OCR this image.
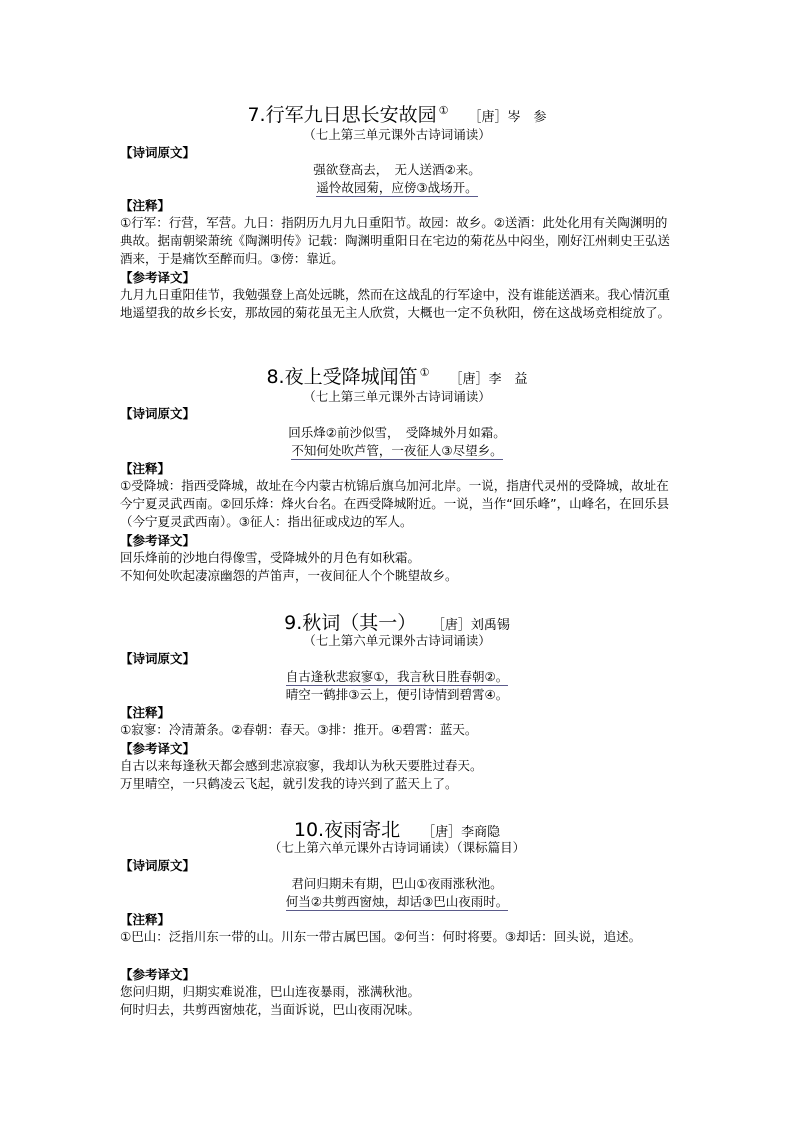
7.行军九日思长安故园 ① ［唐］岑　参
（七上第三单元课外古诗词诵读）
【诗词原文】
强欲登高去，　无人送酒②来。
遥怜故园菊，应傍③战场开。
【注释】

①行军：行营，军营。九日：指阴历九月九日重阳节。故园：故乡。②送酒：此处化用有关陶渊明的典故。据南朝梁萧统《陶渊明传》记载：陶渊明重阳日在宅边的菊花丛中闷坐，刚好江州刺史王弘送酒来，于是痛饮至醉而归。③傍：靠近。

【参考译文】

九月九日重阳佳节，我勉强登上高处远眺，然而在这战乱的行军途中，没有谁能送酒来。我心情沉重地遥望我的故乡长安，那故园的菊花虽无主人欣赏，大概也一定不负秋阳，傍在这战场竞相绽放了。

8.夜上受降城闻笛 ① ［唐］李　益
（七上第三单元课外古诗词诵读）
【诗词原文】
回乐烽②前沙似雪，　受降城外月如霜。
不知何处吹芦管，一夜征人③尽望乡。
【注释】

①受降城：指西受降城，故址在今内蒙古杭锦后旗乌加河北岸。一说，指唐代灵州的受降城，故址在今宁夏灵武西南。②回乐烽：烽火台名。在西受降城附近。一说，当作“回乐峰”，山峰名，在回乐县（今宁夏灵武西南）。③征人：指出征或戍边的军人。

【参考译文】

回乐烽前的沙地白得像雪，受降城外的月色有如秋霜。

不知何处吹起凄凉幽怨的芦笛声，一夜间征人个个眺望故乡。

9.秋词（其一） ［唐］刘禹锡
（七上第六单元课外古诗词诵读）
【诗词原文】
自古逢秋悲寂寥①，我言秋日胜春朝②。
晴空一鹤排③云上，便引诗情到碧霄④。
【注释】

①寂寥：冷清萧条。②春朝：春天。③排：推开。④碧霄：蓝天。

【参考译文】

自古以来每逢秋天都会感到悲凉寂寥，我却认为秋天要胜过春天。

万里晴空，一只鹤凌云飞起，就引发我的诗兴到了蓝天上了。

10.夜雨寄北 ［唐］李商隐
（七上第六单元课外古诗词诵读）（课标篇目）
【诗词原文】
君问归期未有期，巴山①夜雨涨秋池。
何当②共剪西窗烛，却话③巴山夜雨时。
【注释】

①巴山：泛指川东一带的山。川东一带古属巴国。②何当：何时将要。③却话：回头说，追述。

【参考译文】

您问归期，归期实难说准，巴山连夜暴雨，涨满秋池。

何时归去，共剪西窗烛花，当面诉说，巴山夜雨况味。
